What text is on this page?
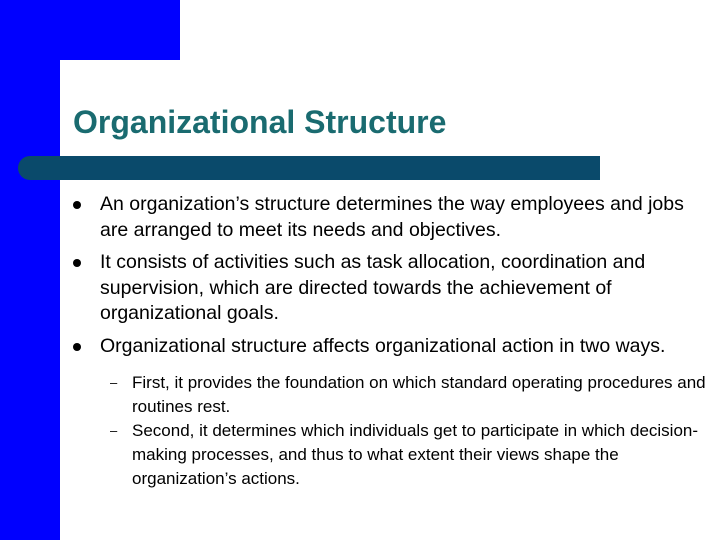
Organizational Structure
An organization’s structure determines the way employees and jobs are arranged to meet its needs and objectives.
It consists of activities such as task allocation, coordination and supervision, which are directed towards the achievement of organizational goals.
Organizational structure affects organizational action in two ways.
– First, it provides the foundation on which standard operating procedures and routines rest.
– Second, it determines which individuals get to participate in which decision-making processes, and thus to what extent their views shape the organization’s actions.
